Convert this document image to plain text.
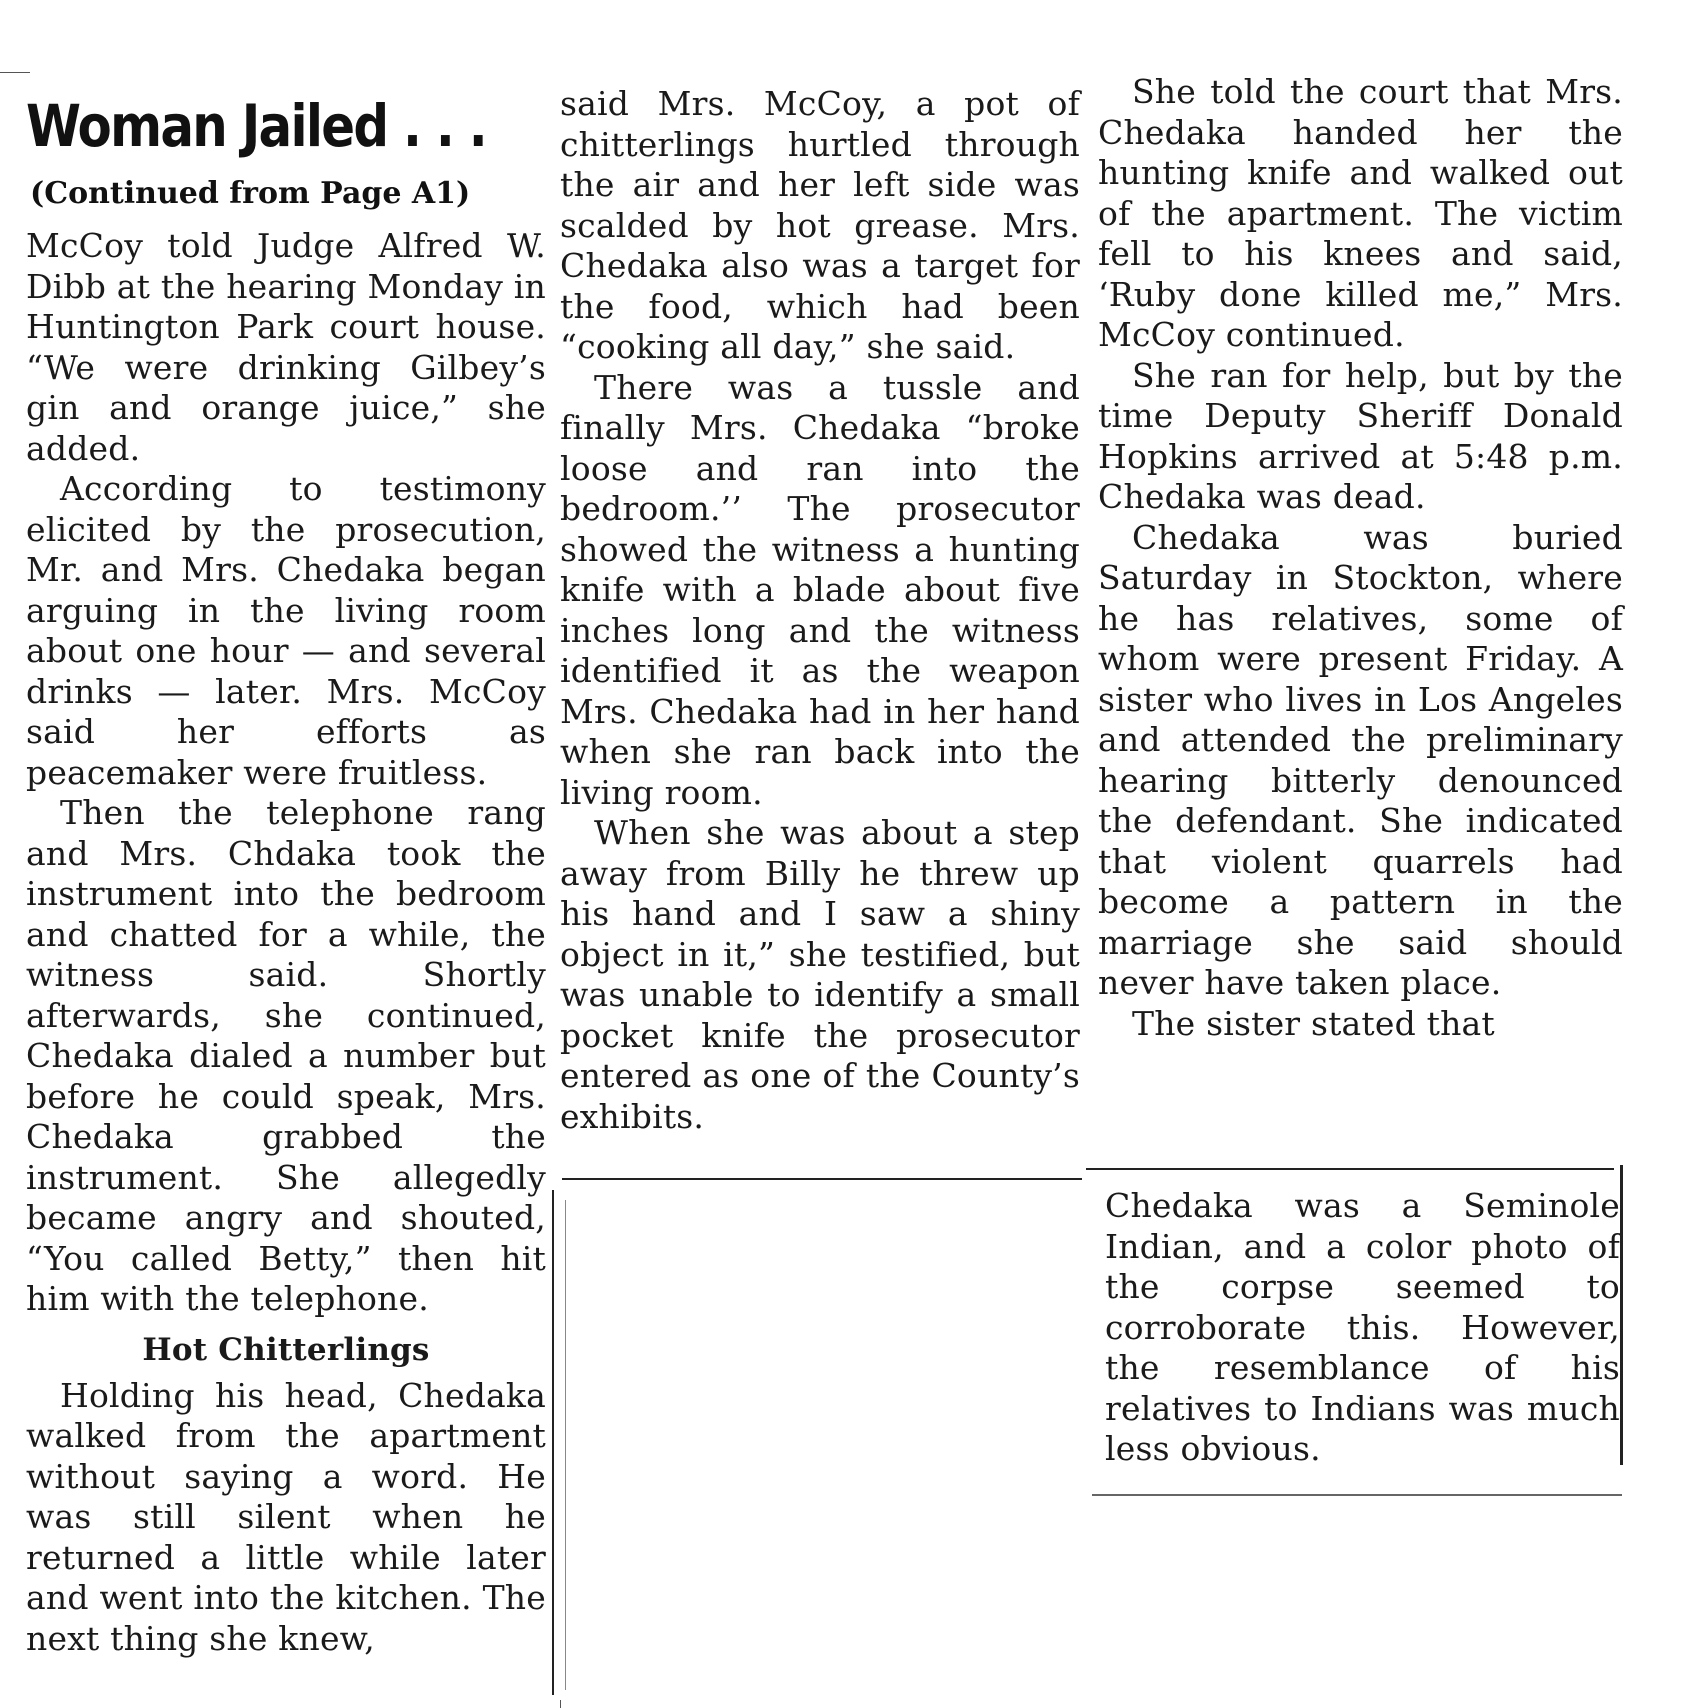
Woman Jailed . . .
(Continued from Page A1)

McCoy told Judge Alfred W. Dibb at the hearing Monday in Huntington Park court house. “We were drinking Gilbey’s gin and orange juice,” she added.

According to testimony elicited by the prosecution, Mr. and Mrs. Chedaka began arguing in the living room about one hour — and several drinks — later. Mrs. McCoy said her efforts as peacemaker were fruitless.

Then the telephone rang and Mrs. Chdaka took the instrument into the bedroom and chatted for a while, the witness said. Shortly afterwards, she continued, Chedaka dialed a number but before he could speak, Mrs. Chedaka grabbed the instrument. She allegedly became angry and shouted, “You called Betty,” then hit him with the telephone.

Hot Chitterlings

Holding his head, Chedaka walked from the apartment without saying a word. He was still silent when he returned a little while later and went into the kitchen. The next thing she knew,

said Mrs. McCoy, a pot of chitterlings hurtled through the air and her left side was scalded by hot grease. Mrs. Chedaka also was a target for the food, which had been “cooking all day,” she said.

There was a tussle and finally Mrs. Chedaka “broke loose and ran into the bedroom.’’ The prosecutor showed the witness a hunting knife with a blade about five inches long and the witness identified it as the weapon Mrs. Chedaka had in her hand when she ran back into the living room.

When she was about a step away from Billy he threw up his hand and I saw a shiny object in it,” she testified, but was unable to identify a small pocket knife the prosecutor entered as one of the County’s exhibits.

She told the court that Mrs. Chedaka handed her the hunting knife and walked out of the apartment. The victim fell to his knees and said, ‘Ruby done killed me,” Mrs. McCoy continued.

She ran for help, but by the time Deputy Sheriff Donald Hopkins arrived at 5:48 p.m. Chedaka was dead.

Chedaka was buried Saturday in Stockton, where he has relatives, some of whom were present Friday. A sister who lives in Los Angeles and attended the preliminary hearing bitterly denounced the defendant. She indicated that violent quarrels had become a pattern in the marriage she said should never have taken place.

The sister stated that

Chedaka was a Seminole Indian, and a color photo of the corpse seemed to corroborate this. However, the resemblance of his relatives to Indians was much less obvious.
